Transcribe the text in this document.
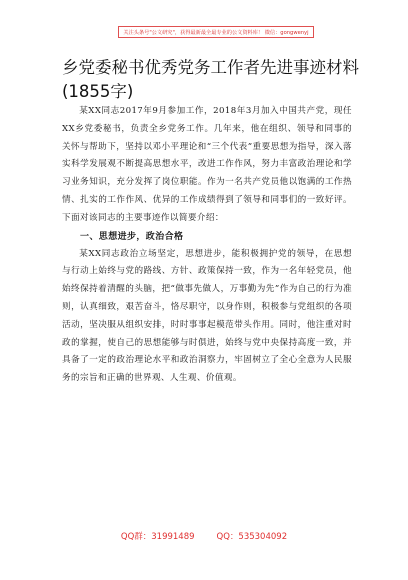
关注头条号"公文研究"，获得最新最全最专业的公文资料库！ 微信：gongwenyj
乡党委秘书优秀党务工作者先进事迹材料(1855字)

某XX同志2017年9月参加工作，2018年3月加入中国共产党，现任XX乡党委秘书，负责全乡党务工作。几年来，他在组织、领导和同事的关怀与帮助下，坚持以邓小平理论和“三个代表”重要思想为指导，深入落实科学发展观不断提高思想水平，改进工作作风，努力丰富政治理论和学习业务知识，充分发挥了岗位职能。作为一名共产党员他以饱满的工作热情、扎实的工作作风、优异的工作成绩得到了领导和同事们的一致好评。下面对该同志的主要事迹作以简要介绍：

一、思想进步，政治合格

某XX同志政治立场坚定，思想进步，能积极拥护党的领导，在思想与行动上始终与党的路线、方针、政策保持一致，作为一名年轻党员，他始终保持着清醒的头脑，把“做事先做人，万事勤为先”作为自己的行为准则，认真细致，艰苦奋斗，恪尽职守，以身作则，积极参与党组织的各项活动，坚决服从组织安排，时时事事起模范带头作用。同时，他注重对时政的掌握，使自己的思想能够与时俱进，始终与党中央保持高度一致，并具备了一定的政治理论水平和政治洞察力，牢固树立了全心全意为人民服务的宗旨和正确的世界观、人生观、价值观。

QQ群：31991489	QQ：535304092
